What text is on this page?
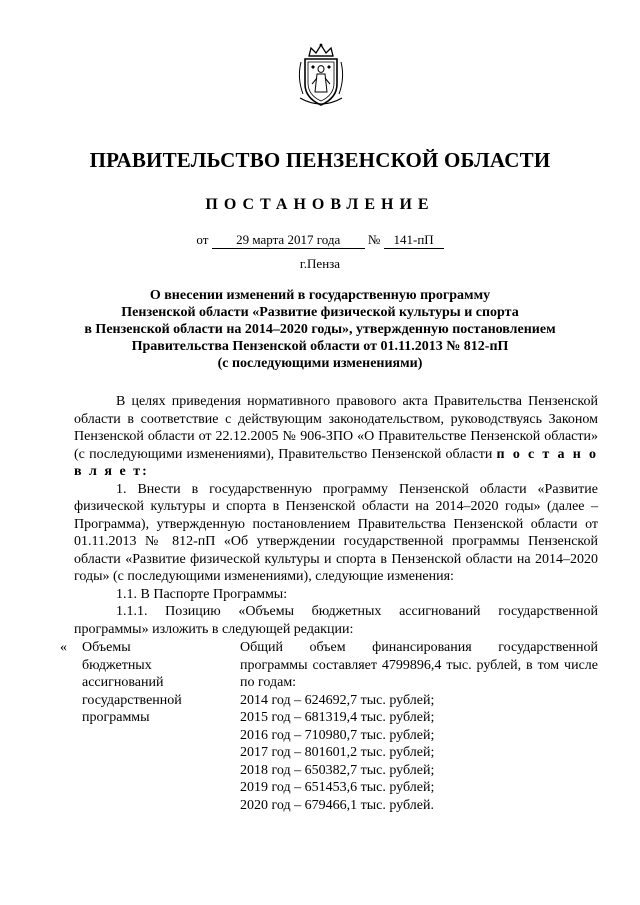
ПРАВИТЕЛЬСТВО ПЕНЗЕНСКОЙ ОБЛАСТИ
ПОСТАНОВЛЕНИЕ
от 29 марта 2017 года № 141-пП
г.Пенза
О внесении изменений в государственную программу
Пензенской области «Развитие физической культуры и спорта
в Пензенской области на 2014–2020 годы», утвержденную постановлением
Правительства Пензенской области от 01.11.2013 № 812-пП
(с последующими изменениями)

В целях приведения нормативного правового акта Правительства Пензенской области в соответствие с действующим законодательством, руководствуясь Законом Пензенской области от 22.12.2005 № 906-ЗПО «О Правительстве Пензенской области» (с последующими изменениями), Правительство Пензенской области п о с т а н о в л я е т:

1. Внести в государственную программу Пензенской области «Развитие физической культуры и спорта в Пензенской области на 2014–2020 годы» (далее – Программа), утвержденную постановлением Правительства Пензенской области от 01.11.2013 № 812-пП «Об утверждении государственной программы Пензенской области «Развитие физической культуры и спорта в Пензенской области на 2014–2020 годы» (с последующими изменениями), следующие изменения:

1.1. В Паспорте Программы:

1.1.1. Позицию «Объемы бюджетных ассигнований государственной программы» изложить в следующей редакции:

«	Объемы
бюджетных
ассигнований
государственной
программы
Общий объем финансирования государственной программы составляет 4799896,4 тыс. рублей, в том числе по годам:
2014 год – 624692,7 тыс. рублей;
2015 год – 681319,4 тыс. рублей;
2016 год – 710980,7 тыс. рублей;
2017 год – 801601,2 тыс. рублей;
2018 год – 650382,7 тыс. рублей;
2019 год – 651453,6 тыс. рублей;
2020 год – 679466,1 тыс. рублей.
